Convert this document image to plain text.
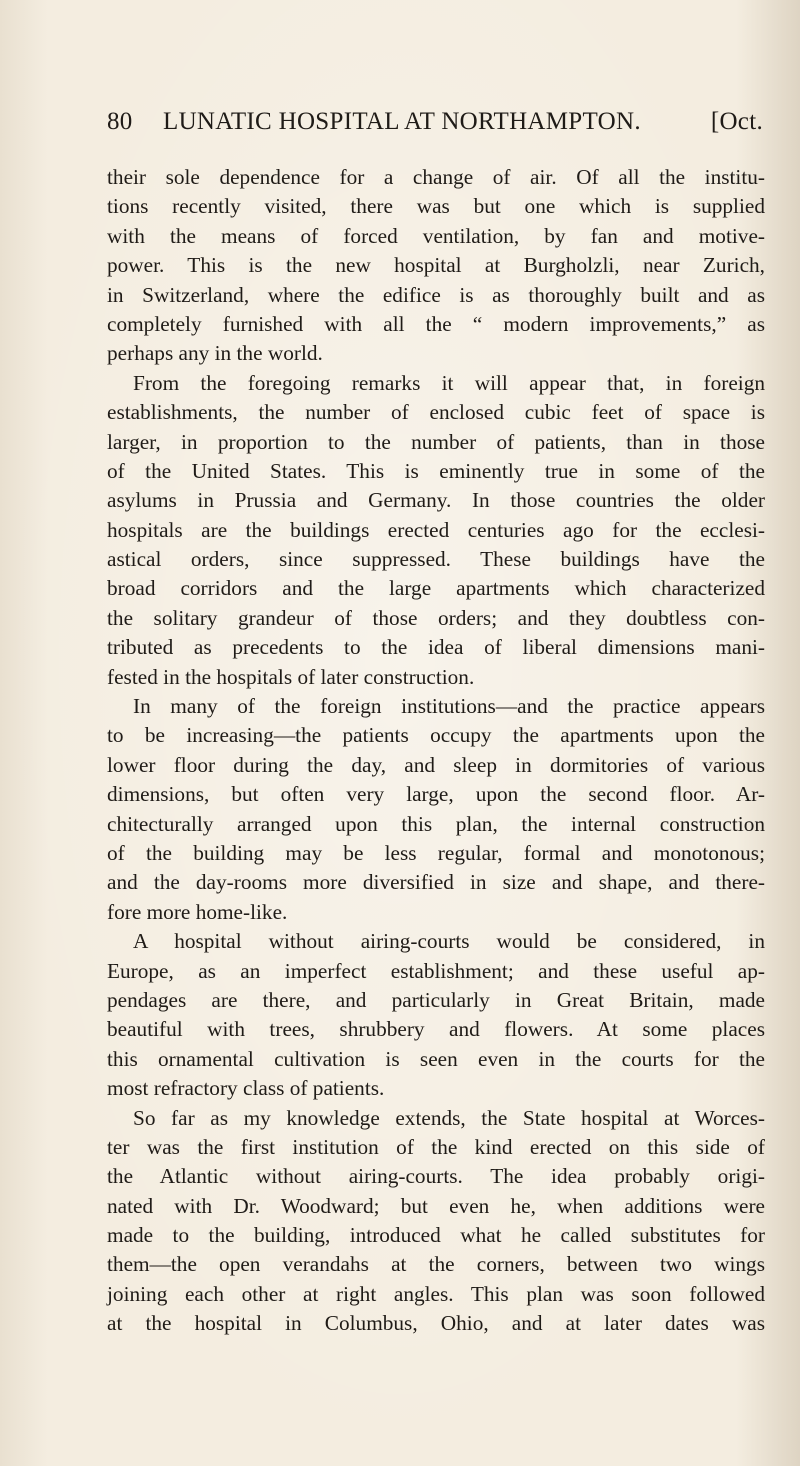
80 LUNATIC HOSPITAL AT NORTHAMPTON.	[Oct.
their sole dependence for a change of air. Of all the institu-
tions recently visited, there was but one which is supplied
with the means of forced ventilation, by fan and motive-
power. This is the new hospital at Burgholzli, near Zurich,
in Switzerland, where the edifice is as thoroughly built and as
completely furnished with all the “ modern improvements,” as
perhaps any in the world.
From the foregoing remarks it will appear that, in foreign
establishments, the number of enclosed cubic feet of space is
larger, in proportion to the number of patients, than in those
of the United States. This is eminently true in some of the
asylums in Prussia and Germany. In those countries the older
hospitals are the buildings erected centuries ago for the ecclesi-
astical orders, since suppressed. These buildings have the
broad corridors and the large apartments which characterized
the solitary grandeur of those orders; and they doubtless con-
tributed as precedents to the idea of liberal dimensions mani-
fested in the hospitals of later construction.
In many of the foreign institutions—and the practice appears
to be increasing—the patients occupy the apartments upon the
lower floor during the day, and sleep in dormitories of various
dimensions, but often very large, upon the second floor. Ar-
chitecturally arranged upon this plan, the internal construction
of the building may be less regular, formal and monotonous;
and the day-rooms more diversified in size and shape, and there-
fore more home-like.
A hospital without airing-courts would be considered, in
Europe, as an imperfect establishment; and these useful ap-
pendages are there, and particularly in Great Britain, made
beautiful with trees, shrubbery and flowers. At some places
this ornamental cultivation is seen even in the courts for the
most refractory class of patients.
So far as my knowledge extends, the State hospital at Worces-
ter was the first institution of the kind erected on this side of
the Atlantic without airing-courts. The idea probably origi-
nated with Dr. Woodward; but even he, when additions were
made to the building, introduced what he called substitutes for
them—the open verandahs at the corners, between two wings
joining each other at right angles. This plan was soon followed
at the hospital in Columbus, Ohio, and at later dates was
